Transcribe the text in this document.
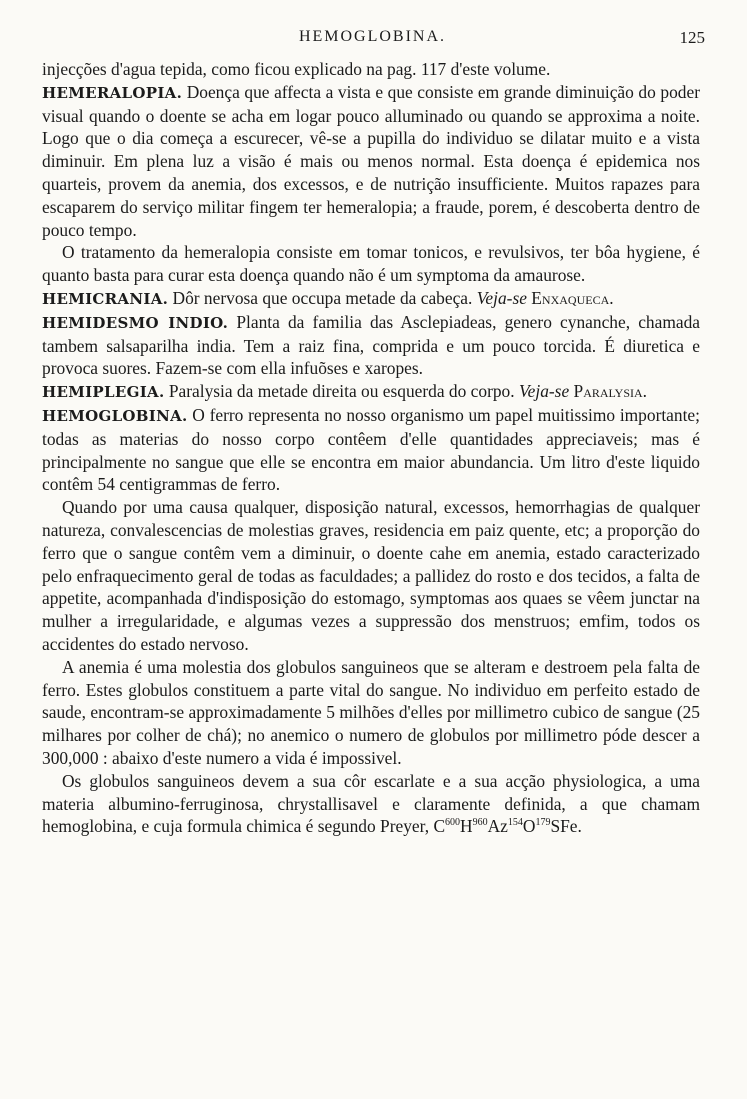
HEMOGLOBINA.	125

injecções d'agua tepida, como ficou explicado na pag. 117 d'este volume.

HEMERALOPIA. Doença que affecta a vista e que consiste em grande diminuição do poder visual quando o doente se acha em logar pouco alluminado ou quando se approxima a noite. Logo que o dia começa a escurecer, vê-se a pupilla do individuo se dilatar muito e a vista diminuir. Em plena luz a visão é mais ou menos normal. Esta doença é epidemica nos quarteis, provem da anemia, dos excessos, e de nutrição insufficiente. Muitos rapazes para escaparem do serviço militar fingem ter hemeralopia; a fraude, porem, é descoberta dentro de pouco tempo.

O tratamento da hemeralopia consiste em tomar tonicos, e revulsivos, ter bôa hygiene, é quanto basta para curar esta doença quando não é um symptoma da amaurose.

HEMICRANIA. Dôr nervosa que occupa metade da cabeça. Veja-se Enxaqueca.

HEMIDESMO INDIO. Planta da familia das Asclepiadeas, genero cynanche, chamada tambem salsaparilha india. Tem a raiz fina, comprida e um pouco torcida. É diuretica e provoca suores. Fazem-se com ella infuõses e xaropes.

HEMIPLEGIA. Paralysia da metade direita ou esquerda do corpo. Veja-se Paralysia.

HEMOGLOBINA. O ferro representa no nosso organismo um papel muitissimo importante; todas as materias do nosso corpo contêem d'elle quantidades appreciaveis; mas é principalmente no sangue que elle se encontra em maior abundancia. Um litro d'este liquido contêm 54 centigrammas de ferro.

Quando por uma causa qualquer, disposição natural, excessos, hemorrhagias de qualquer natureza, convalescencias de molestias graves, residencia em paiz quente, etc; a proporção do ferro que o sangue contêm vem a diminuir, o doente cahe em anemia, estado caracterizado pelo enfraquecimento geral de todas as faculdades; a pallidez do rosto e dos tecidos, a falta de appetite, acompanhada d'indisposição do estomago, symptomas aos quaes se vêem junctar na mulher a irregularidade, e algumas vezes a suppressão dos menstruos; emfim, todos os accidentes do estado nervoso.

A anemia é uma molestia dos globulos sanguineos que se alteram e destroem pela falta de ferro. Estes globulos constituem a parte vital do sangue. No individuo em perfeito estado de saude, encontram-se approximadamente 5 milhões d'elles por millimetro cubico de sangue (25 milhares por colher de chá); no anemico o numero de globulos por millimetro póde descer a 300,000 : abaixo d'este numero a vida é impossivel.

Os globulos sanguineos devem a sua côr escarlate e a sua acção physiologica, a uma materia albumino-ferruginosa, chrystallisavel e claramente definida, a que chamam hemoglobina, e cuja formula chimica é segundo Preyer, $C^{600}H^{960}Az^{154}O^{179}SFe$.
